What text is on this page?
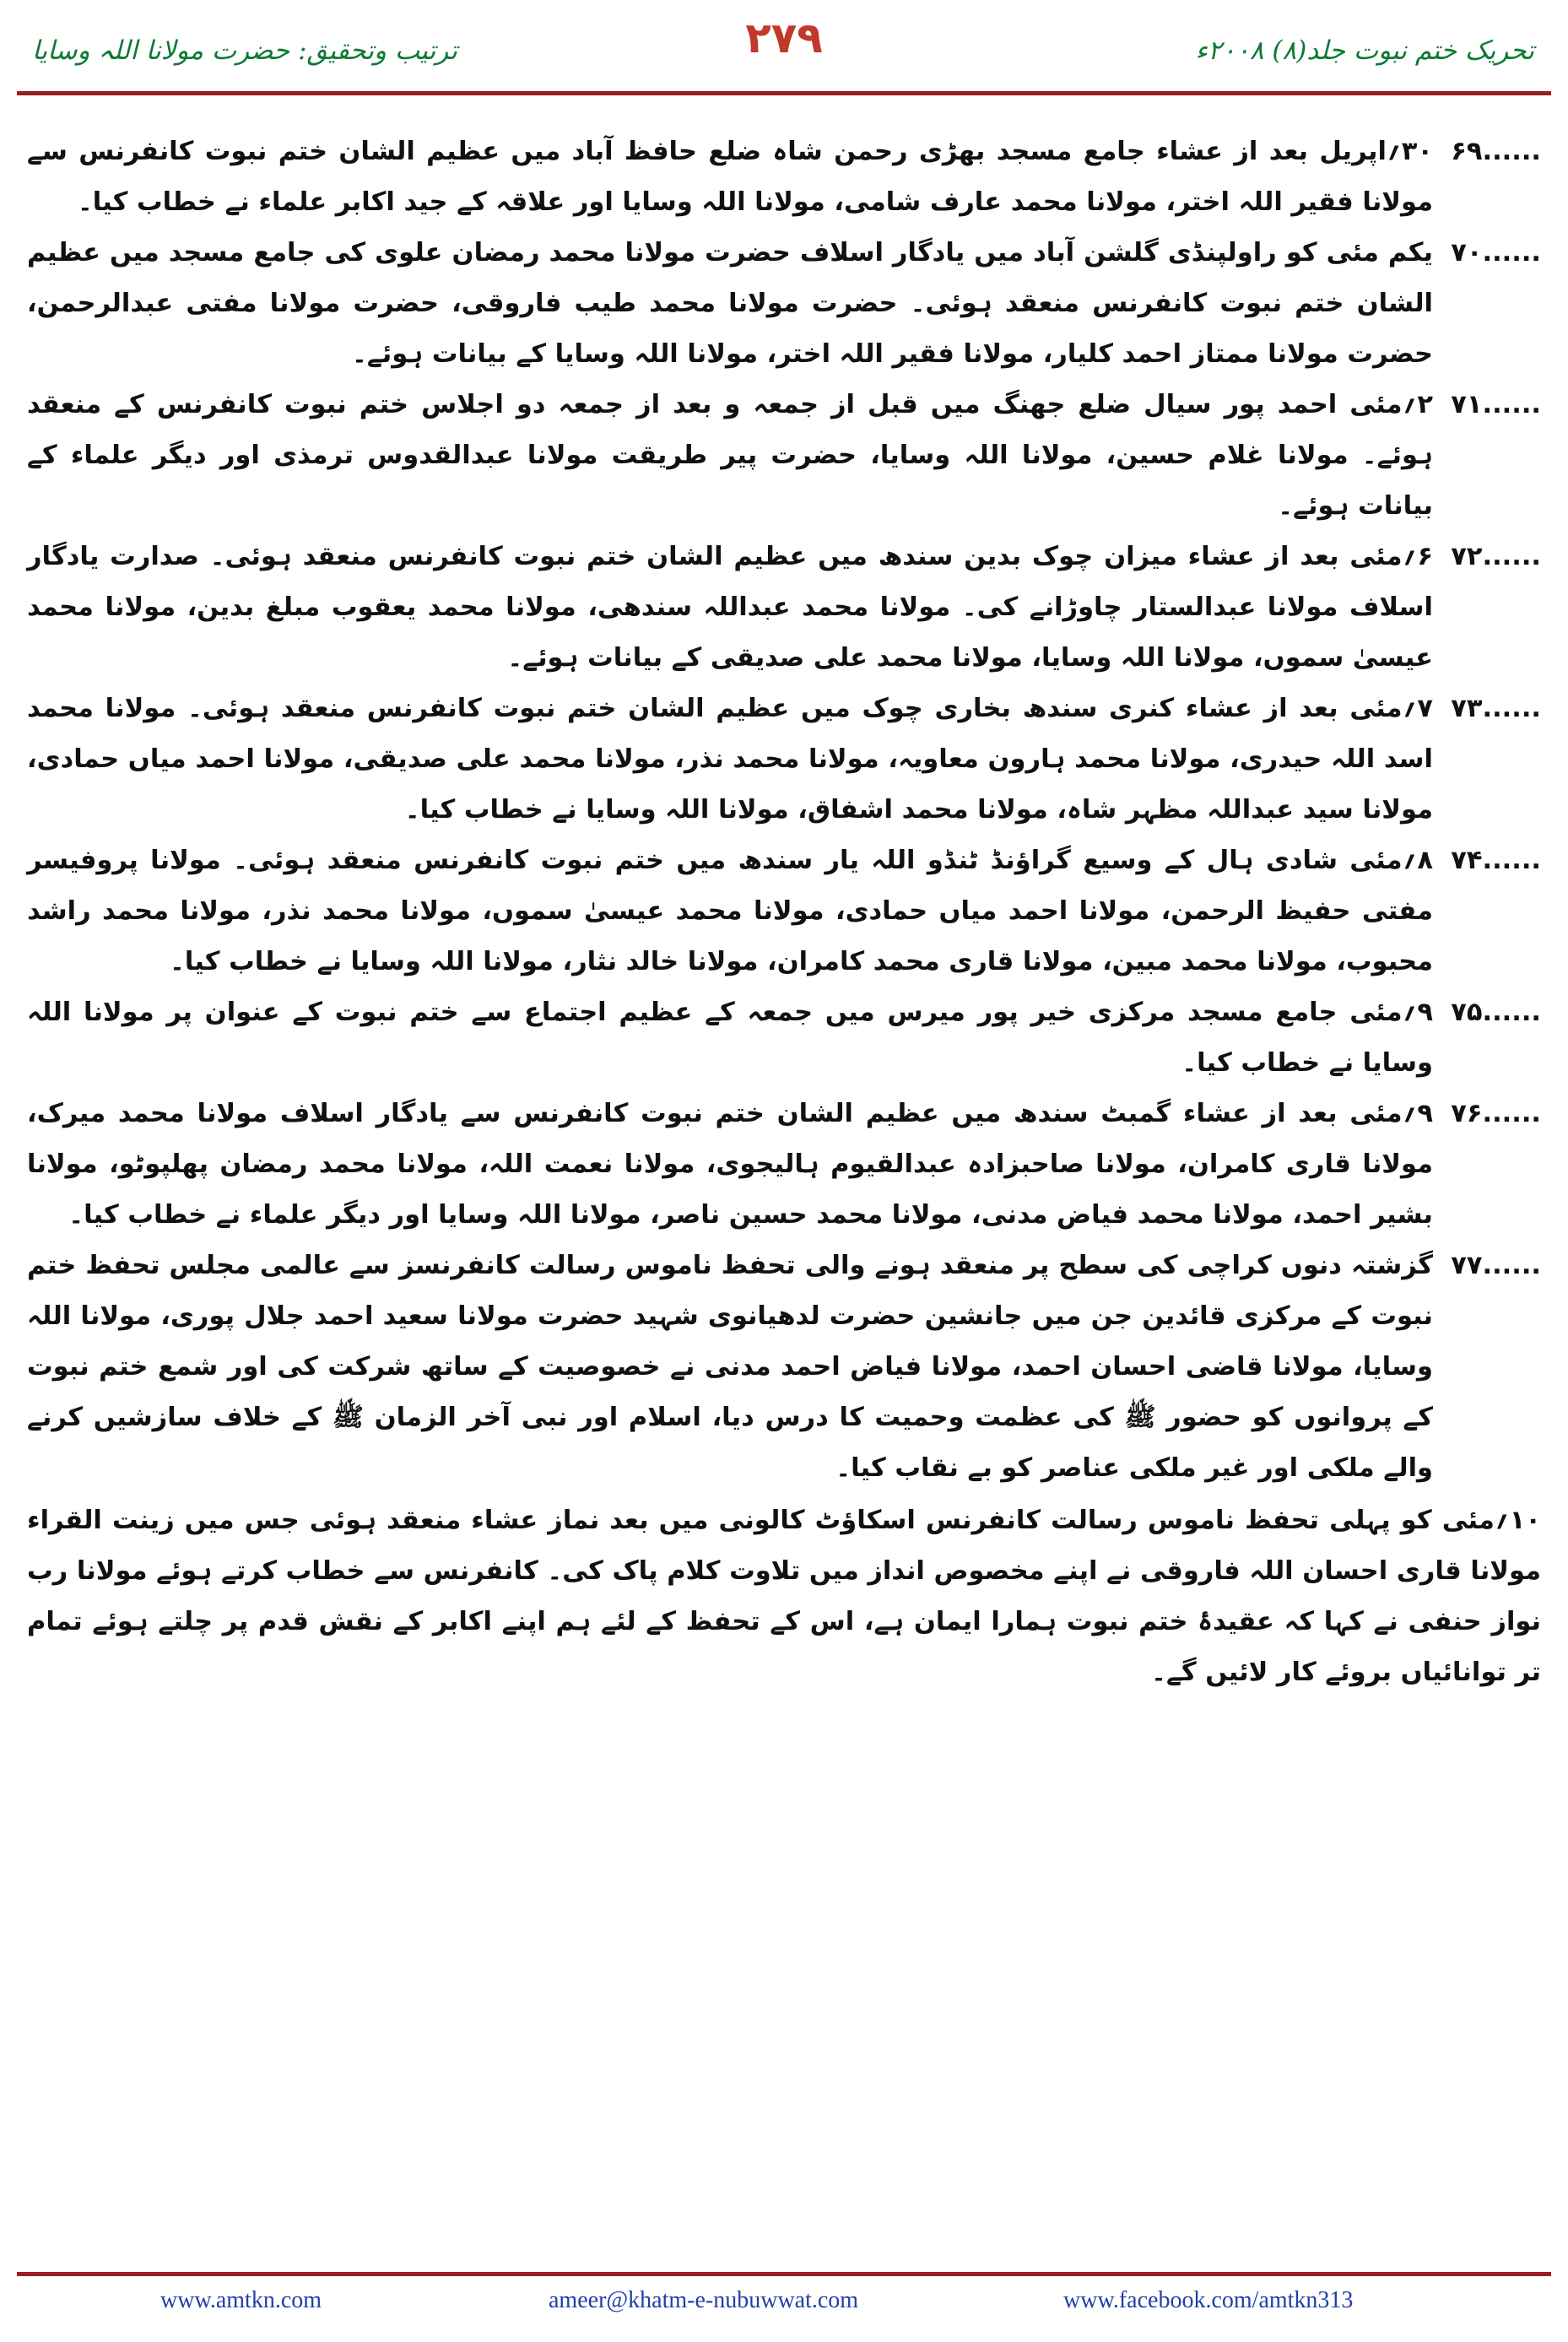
ترتیب وتحقیق: حضرت مولانا اللہ وسایا	۲۷۹	تحریک ختم نبوت جلد(۸) ۲۰۰۸ء
۶۹......
۳۰؍اپریل بعد از عشاء جامع مسجد بھڑی رحمن شاہ ضلع حافظ آباد میں عظیم الشان ختم نبوت کانفرنس سے مولانا فقیر اللہ اختر، مولانا محمد عارف شامی، مولانا اللہ وسایا اور علاقہ کے جید اکابر علماء نے خطاب کیا۔
۷۰......
یکم مئی کو راولپنڈی گلشن آباد میں یادگار اسلاف حضرت مولانا محمد رمضان علوی کی جامع مسجد میں عظیم الشان ختم نبوت کانفرنس منعقد ہوئی۔ حضرت مولانا محمد طیب فاروقی، حضرت مولانا مفتی عبدالرحمن، حضرت مولانا ممتاز احمد کلیار، مولانا فقیر اللہ اختر، مولانا اللہ وسایا کے بیانات ہوئے۔
۷۱......
۲؍مئی احمد پور سیال ضلع جھنگ میں قبل از جمعہ و بعد از جمعہ دو اجلاس ختم نبوت کانفرنس کے منعقد ہوئے۔ مولانا غلام حسین، مولانا اللہ وسایا، حضرت پیر طریقت مولانا عبدالقدوس ترمذی اور دیگر علماء کے بیانات ہوئے۔
۷۲......
۶؍مئی بعد از عشاء میزان چوک بدین سندھ میں عظیم الشان ختم نبوت کانفرنس منعقد ہوئی۔ صدارت یادگار اسلاف مولانا عبدالستار چاوڑانے کی۔ مولانا محمد عبداللہ سندھی، مولانا محمد یعقوب مبلغ بدین، مولانا محمد عیسیٰ سموں، مولانا اللہ وسایا، مولانا محمد علی صدیقی کے بیانات ہوئے۔
۷۳......
۷؍مئی بعد از عشاء کنری سندھ بخاری چوک میں عظیم الشان ختم نبوت کانفرنس منعقد ہوئی۔ مولانا محمد اسد اللہ حیدری، مولانا محمد ہارون معاویہ، مولانا محمد نذر، مولانا محمد علی صدیقی، مولانا احمد میاں حمادی، مولانا سید عبداللہ مظہر شاہ، مولانا محمد اشفاق، مولانا اللہ وسایا نے خطاب کیا۔
۷۴......
۸؍مئی شادی ہال کے وسیع گراؤنڈ ٹنڈو اللہ یار سندھ میں ختم نبوت کانفرنس منعقد ہوئی۔ مولانا پروفیسر مفتی حفیظ الرحمن، مولانا احمد میاں حمادی، مولانا محمد عیسیٰ سموں، مولانا محمد نذر، مولانا محمد راشد محبوب، مولانا محمد مبین، مولانا قاری محمد کامران، مولانا خالد نثار، مولانا اللہ وسایا نے خطاب کیا۔
۷۵......
۹؍مئی جامع مسجد مرکزی خیر پور میرس میں جمعہ کے عظیم اجتماع سے ختم نبوت کے عنوان پر مولانا اللہ وسایا نے خطاب کیا۔
۷۶......
۹؍مئی بعد از عشاء گمبٹ سندھ میں عظیم الشان ختم نبوت کانفرنس سے یادگار اسلاف مولانا محمد میرک، مولانا قاری کامران، مولانا صاحبزادہ عبدالقیوم ہالیجوی، مولانا نعمت اللہ، مولانا محمد رمضان پھلپوٹو، مولانا بشیر احمد، مولانا محمد فیاض مدنی، مولانا محمد حسین ناصر، مولانا اللہ وسایا اور دیگر علماء نے خطاب کیا۔
۷۷......
گزشتہ دنوں کراچی کی سطح پر منعقد ہونے والی تحفظ ناموس رسالت کانفرنسز سے عالمی مجلس تحفظ ختم نبوت کے مرکزی قائدین جن میں جانشین حضرت لدھیانوی شہید حضرت مولانا سعید احمد جلال پوری، مولانا اللہ وسایا، مولانا قاضی احسان احمد، مولانا فیاض احمد مدنی نے خصوصیت کے ساتھ شرکت کی اور شمع ختم نبوت کے پروانوں کو حضور ﷺ کی عظمت وحمیت کا درس دیا، اسلام اور نبی آخر الزمان ﷺ کے خلاف سازشیں کرنے والے ملکی اور غیر ملکی عناصر کو بے نقاب کیا۔
۱۰؍مئی کو پہلی تحفظ ناموس رسالت کانفرنس اسکاؤٹ کالونی میں بعد نماز عشاء منعقد ہوئی جس میں زینت القراء مولانا قاری احسان اللہ فاروقی نے اپنے مخصوص انداز میں تلاوت کلام پاک کی۔ کانفرنس سے خطاب کرتے ہوئے مولانا رب نواز حنفی نے کہا کہ عقیدۂ ختم نبوت ہمارا ایمان ہے، اس کے تحفظ کے لئے ہم اپنے اکابر کے نقش قدم پر چلتے ہوئے تمام تر توانائیاں بروئے کار لائیں گے۔
www.amtkn.com	ameer@khatm-e-nubuwwat.com	www.facebook.com/amtkn313
